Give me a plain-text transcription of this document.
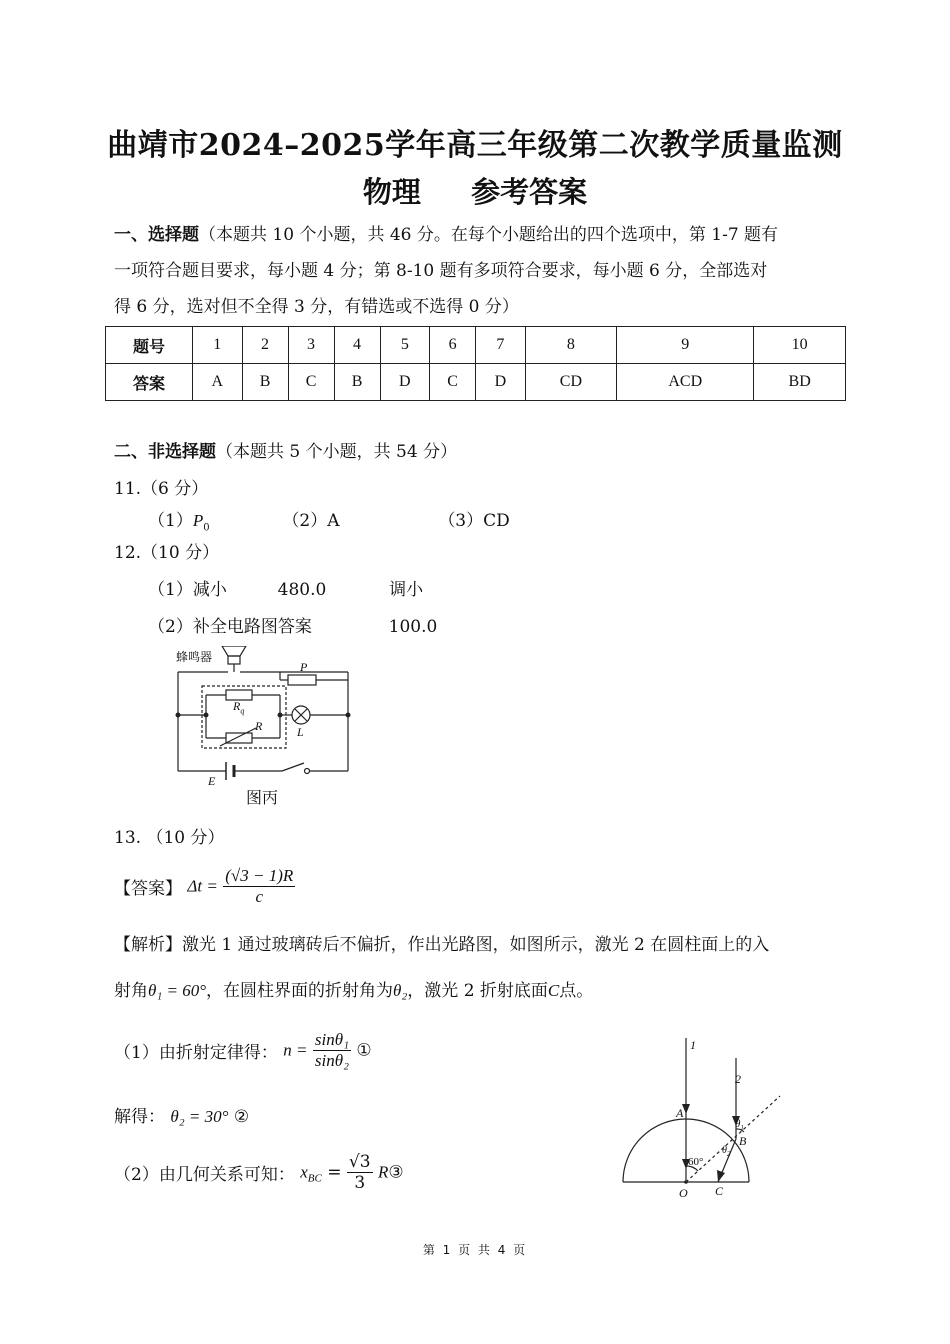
曲靖市2024–2025学年高三年级第二次教学质量监测
物理 参考答案
一、选择题（本题共 10 个小题，共 46 分。在每个小题给出的四个选项中，第 1-7 题有
一项符合题目要求，每小题 4 分；第 8-10 题有多项符合要求，每小题 6 分，全部选对
得 6 分，选对但不全得 3 分，有错选或不选得 0 分）
题号	1	2	3	4	5	6	7	8	9	10
答案	A	B	C	B	D	C	D	CD	ACD	BD
二、非选择题（本题共 5 个小题，共 54 分）
11.（6 分）
$(1)P_0$	（2）A	（3）CD
12.（10 分）
（1）减小	480.0	调小
（2）补全电路图答案	100.0
蜂鸣器
P
$R_q$
R	L
E
图丙
13. （10 分）
【答案】 $\Delta t = \frac{(√3 - 1)R}{c}$
【解析】激光 1 通过玻璃砖后不偏折，作出光路图，如图所示，激光 2 在圆柱面上的入
射角θ₁ = 60°，在圆柱界面的折射角为θ₂，激光 2 折射底面C点。
（1）由折射定律得： $n = \frac{\text{sinθ₁}}{\text{sinθ₂}}$ ①
解得： θ₂ = 30° ②
（2）由几何关系可知： $x_{BC} = \frac{√3}{3}$ R③
1
2
A
B
C
O
60°
$\theta_1$
$\theta_2$
第 1 页 共 4 页
